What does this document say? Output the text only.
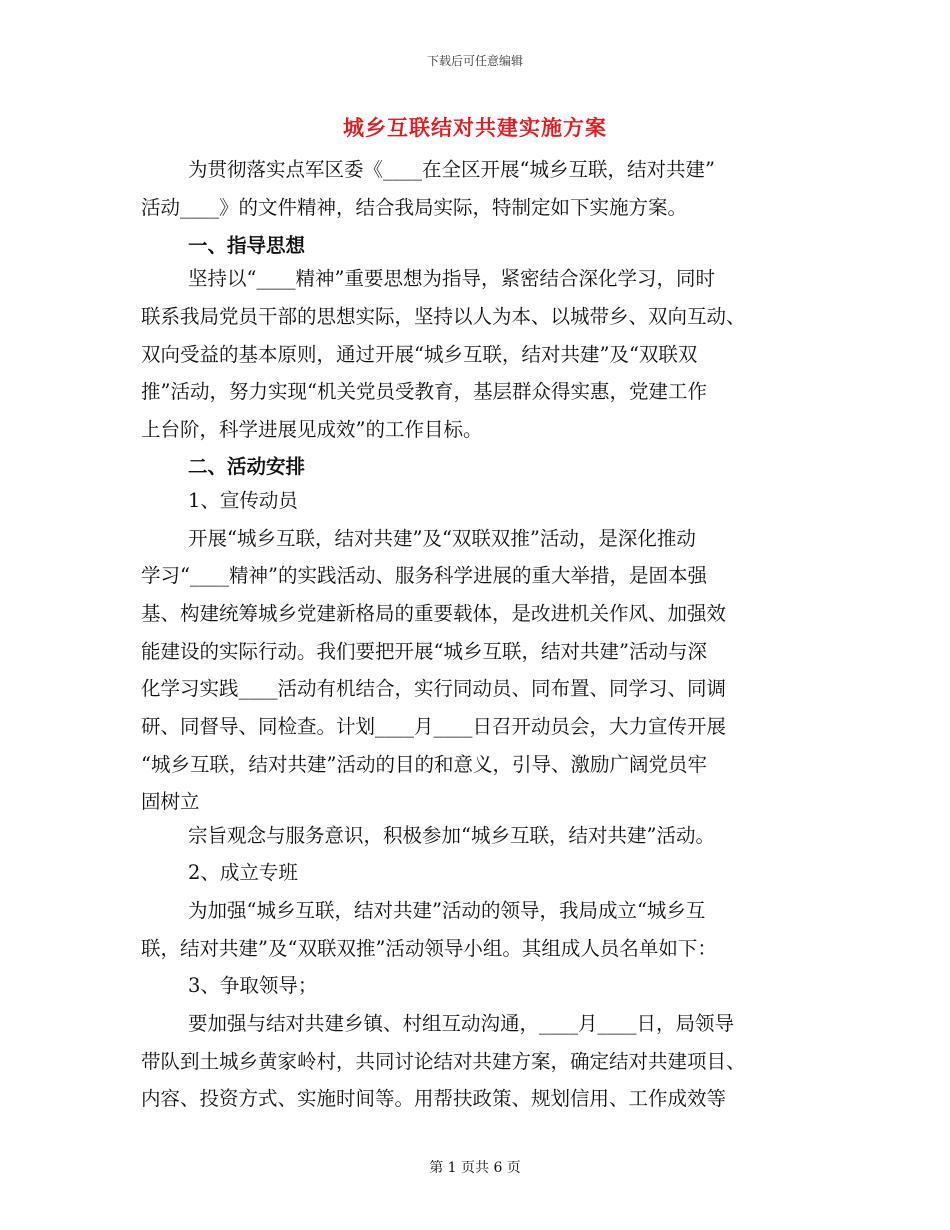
下载后可任意编辑
城乡互联结对共建实施方案
为贯彻落实点军区委《____在全区开展“城乡互联，结对共建”
活动____》的文件精神，结合我局实际，特制定如下实施方案。
一、指导思想
坚持以“____精神”重要思想为指导，紧密结合深化学习，同时
联系我局党员干部的思想实际，坚持以人为本、以城带乡、双向互动、
双向受益的基本原则，通过开展“城乡互联，结对共建”及“双联双
推”活动，努力实现“机关党员受教育，基层群众得实惠，党建工作
上台阶，科学进展见成效”的工作目标。
二、活动安排
1、宣传动员
开展“城乡互联，结对共建”及“双联双推”活动，是深化推动
学习“____精神”的实践活动、服务科学进展的重大举措，是固本强
基、构建统筹城乡党建新格局的重要载体，是改进机关作风、加强效
能建设的实际行动。我们要把开展“城乡互联，结对共建”活动与深
化学习实践____活动有机结合，实行同动员、同布置、同学习、同调
研、同督导、同检查。计划____月____日召开动员会，大力宣传开展
“城乡互联，结对共建”活动的目的和意义，引导、激励广阔党员牢
固树立
宗旨观念与服务意识，积极参加“城乡互联，结对共建”活动。
2、成立专班
为加强“城乡互联，结对共建”活动的领导，我局成立“城乡互
联，结对共建”及“双联双推”活动领导小组。其组成人员名单如下：
3、争取领导；
要加强与结对共建乡镇、村组互动沟通，____月____日，局领导
带队到土城乡黄家岭村，共同讨论结对共建方案，确定结对共建项目、
内容、投资方式、实施时间等。用帮扶政策、规划信用、工作成效等
第 1 页共 6 页
